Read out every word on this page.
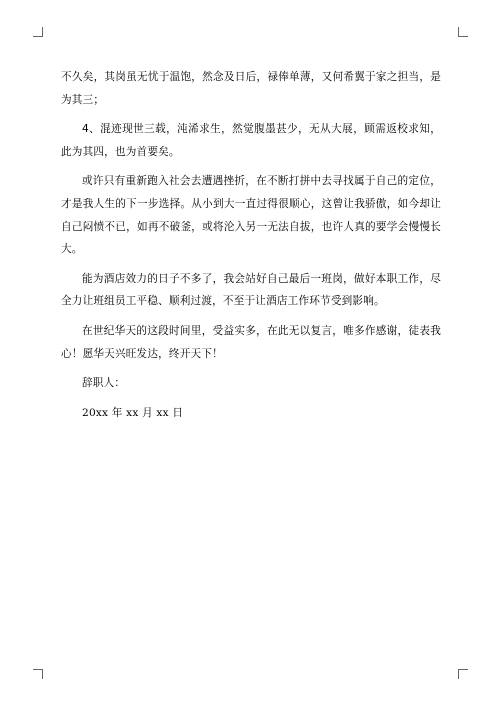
不久矣，其岗虽无忧于温饱，然念及日后，禄俸单薄，又何希翼于家之担当，是为其三；

4、混迹现世三载，沌浠求生，然觉腹墨甚少，无从大展，顾需返校求知，此为其四，也为首要矣。

或许只有重新跑入社会去遭遇挫折，在不断打拼中去寻找属于自己的定位，才是我人生的下一步选择。从小到大一直过得很顺心，这曾让我骄傲，如今却让自己闷愤不已，如再不破釜，或将沦入另一无法自拔，也许人真的要学会慢慢长大。

能为酒店效力的日子不多了，我会站好自己最后一班岗，做好本职工作，尽全力让班组员工平稳、顺利过渡，不至于让酒店工作环节受到影响。

在世纪华天的这段时间里，受益实多，在此无以复言，唯多作感谢，徒表我心！愿华天兴旺发达，终开天下！

辞职人：

20xx 年 xx 月 xx 日
